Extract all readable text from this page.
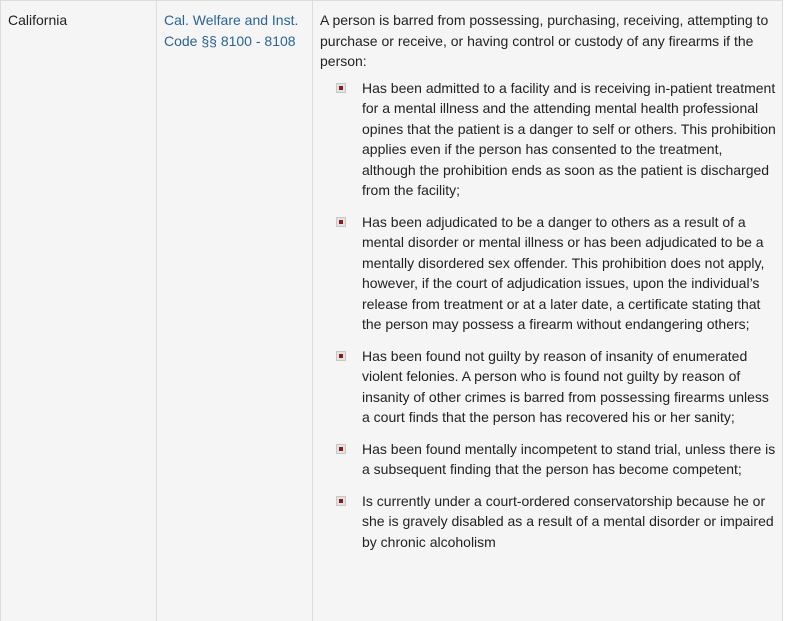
California	Cal. Welfare and Inst. Code §§ 8100 - 8108

A person is barred from possessing, purchasing, receiving, attempting to purchase or receive, or having control or custody of any firearms if the person:

Has been admitted to a facility and is receiving in-patient treatment for a mental illness and the attending mental health professional opines that the patient is a danger to self or others. This prohibition applies even if the person has consented to the treatment, although the prohibition ends as soon as the patient is discharged from the facility;
Has been adjudicated to be a danger to others as a result of a mental disorder or mental illness or has been adjudicated to be a mentally disordered sex offender. This prohibition does not apply, however, if the court of adjudication issues, upon the individual’s release from treatment or at a later date, a certificate stating that the person may possess a firearm without endangering others;
Has been found not guilty by reason of insanity of enumerated violent felonies. A person who is found not guilty by reason of insanity of other crimes is barred from possessing firearms unless a court finds that the person has recovered his or her sanity;
Has been found mentally incompetent to stand trial, unless there is a subsequent finding that the person has become competent;
Is currently under a court-ordered conservatorship because he or she is gravely disabled as a result of a mental disorder or impaired by chronic alcoholism
